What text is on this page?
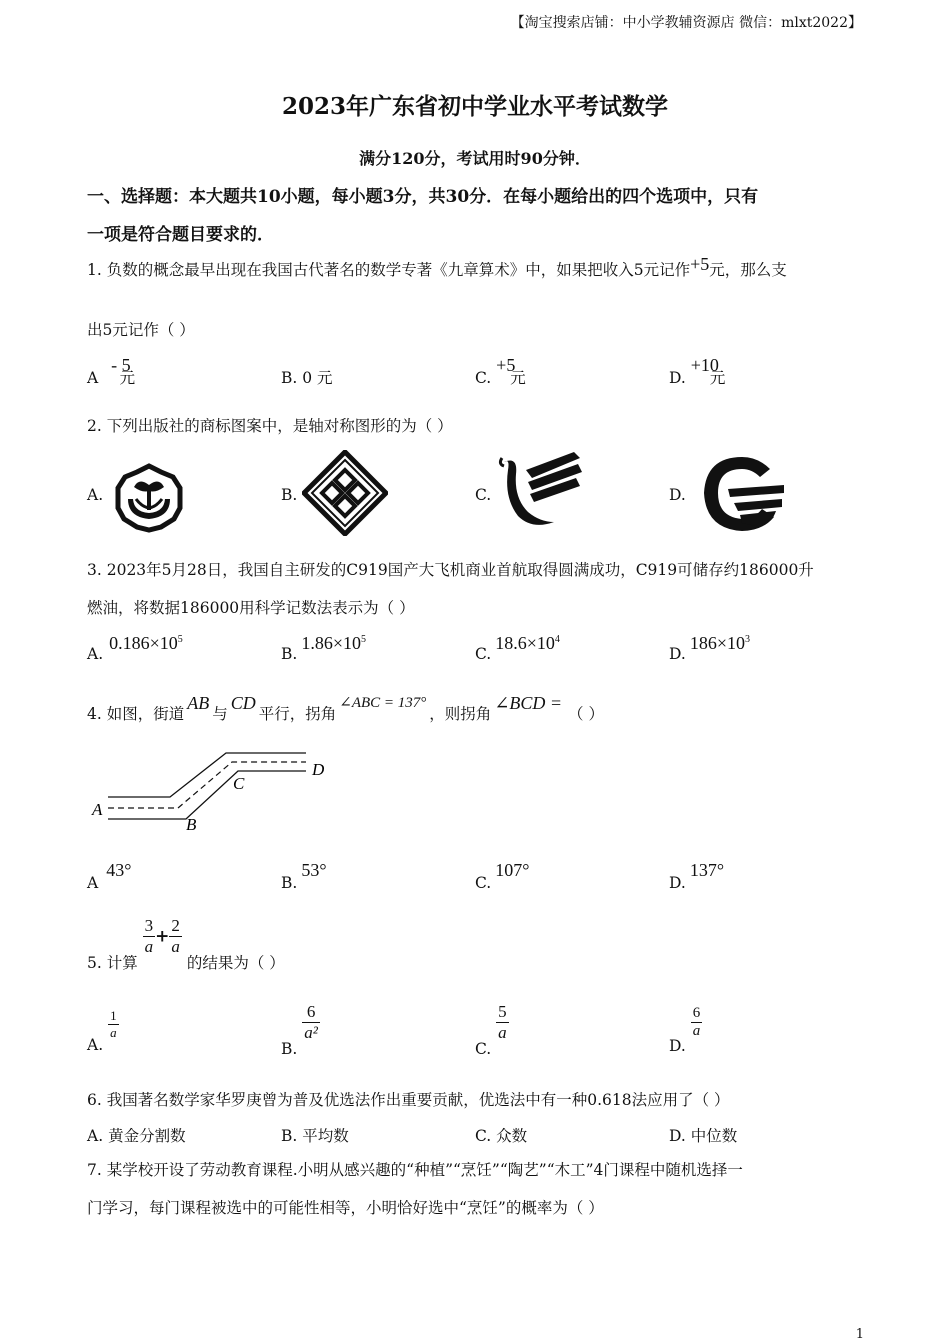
【淘宝搜索店铺：中小学教辅资源店 微信：mlxt2022】
2023年广东省初中学业水平考试数学
满分120分，考试用时90分钟．
一、选择题：本大题共10小题，每小题3分，共30分．在每小题给出的四个选项中，只有
一项是符合题目要求的．
1. 负数的概念最早出现在我国古代著名的数学专著《九章算术》中，如果把收入5元记作+5元，那么支
出5元记作（ ）
A - 5 元	B. 0 元	C. +5 元	D. +10 元
2. 下列出版社的商标图案中，是轴对称图形的为（ ）
A.	B.	C.	D.
3. 2023年5月28日，我国自主研发的C919国产大飞机商业首航取得圆满成功，C919可储存约186000升
燃油，将数据186000用科学记数法表示为（ ）
$A.0.186\times 10^5$
$B.1.86\times 10^5$
$C.18.6\times 10^4$
$D.186\times 10^3$
4. 如图，街道AB与CD平行，拐角∠ABC = 137°，则拐角∠BCD =（ ）
A
B
C
D
A43°
B.53°
C.107°
D.137°
5. 计算
$\frac{3}{a} + \frac{2}{a}$
的结果为（ ）
A.
$\frac{1}{a}$
B.
$\frac{6}{\text{a²}}$
C.
$\frac{5}{a}$
D.
$\frac{6}{a}$
6. 我国著名数学家华罗庚曾为普及优选法作出重要贡献，优选法中有一种0.618法应用了（ ）
A. 黄金分割数	B. 平均数	C. 众数	D. 中位数
7. 某学校开设了劳动教育课程.小明从感兴趣的“种植”“烹饪”“陶艺”“木工”4门课程中随机选择一
门学习，每门课程被选中的可能性相等，小明恰好选中“烹饪”的概率为（ ）
1
